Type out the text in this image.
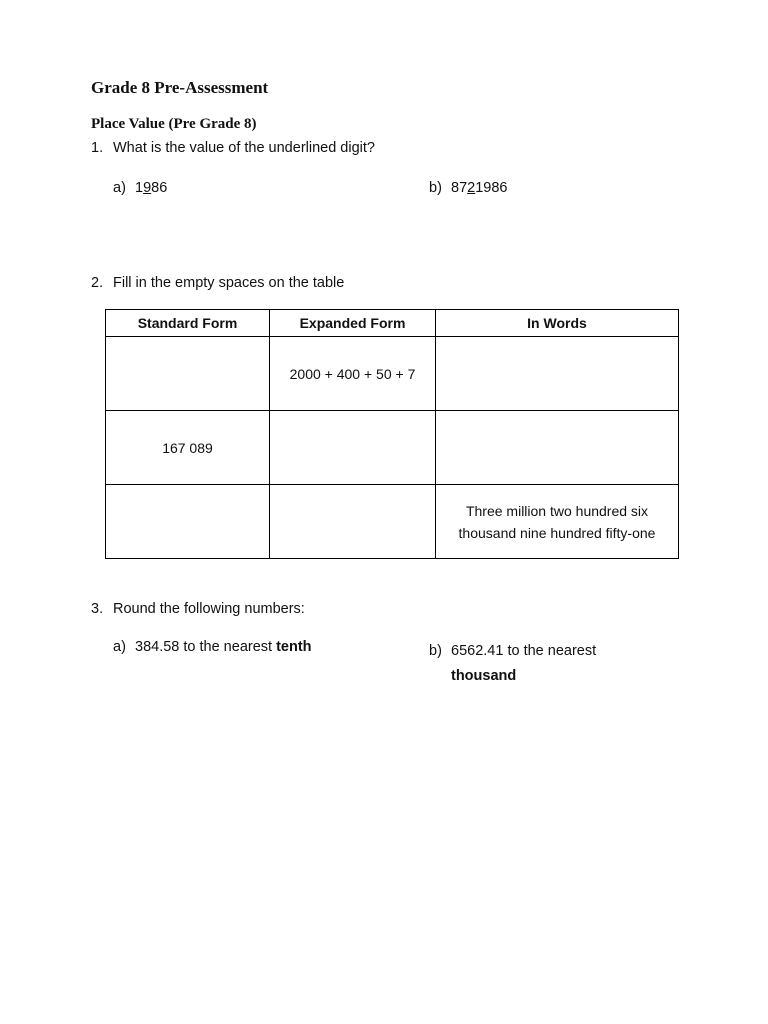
Grade 8 Pre-Assessment
Place Value (Pre Grade 8)
1. What is the value of the underlined digit?
a) 1986	b) 8721986
2. Fill in the empty spaces on the table
Standard Form	Expanded Form	In Words
	2000 + 400 + 50 + 7	
167 089		
		Three million two hundred six thousand nine hundred fifty-one
3. Round the following numbers:
a) 384.58 to the nearest tenth	b) 6562.41 to the nearest
thousand
